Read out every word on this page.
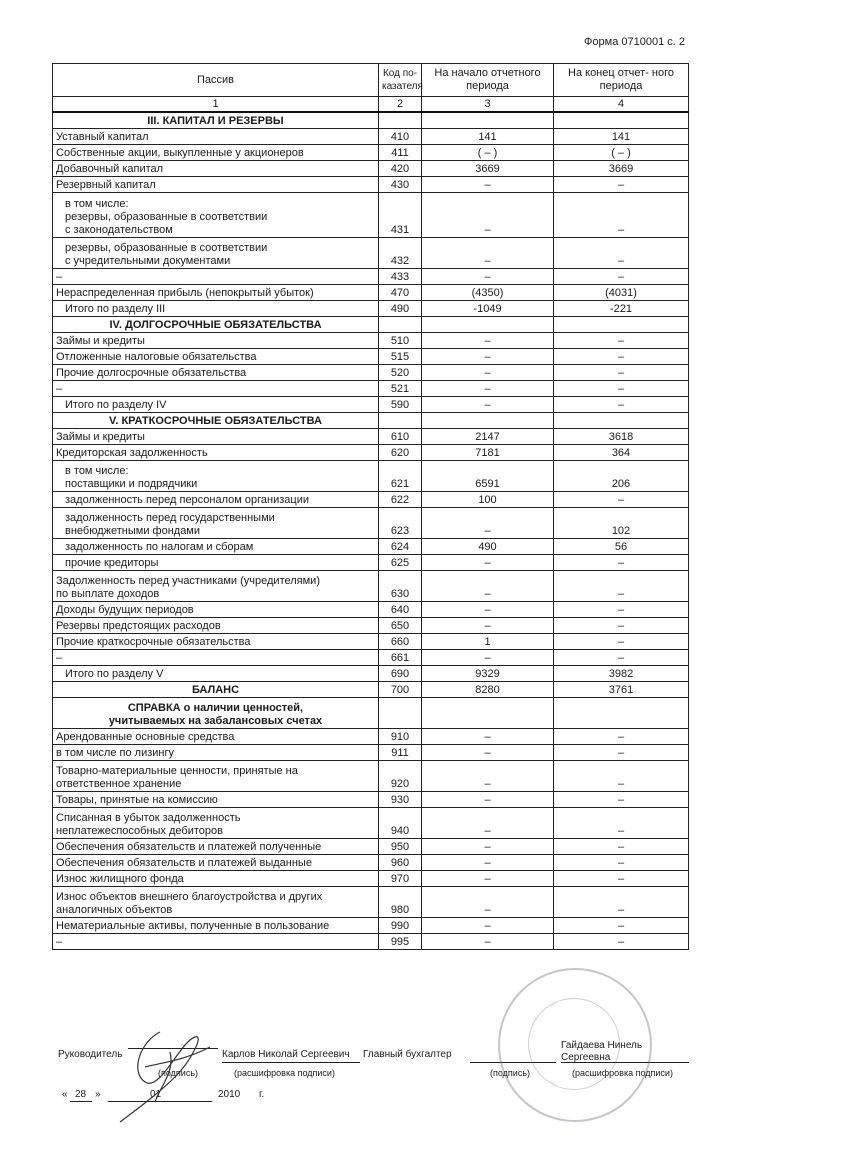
Форма 0710001 с. 2
Пассив	Код по- казателя	На начало отчетного периода	На конец отчет- ного периода
1	2	3	4
III. КАПИТАЛ И РЕЗЕРВЫ			
Уставный капитал	410	141	141
Собственные акции, выкупленные у акционеров	411	( – )	( – )
Добавочный капитал	420	3669	3669
Резервный капитал	430	–	–
в том числе:
резервы, образованные в соответствии
с законодательством	431	–	–
резервы, образованные в соответствии
с учредительными документами	432	–	–
–	433	–	–
Нераспределенная прибыль (непокрытый убыток)	470	(4350)	(4031)
Итого по разделу III	490	-1049	-221
IV. ДОЛГОСРОЧНЫЕ ОБЯЗАТЕЛЬСТВА			
Займы и кредиты	510	–	–
Отложенные налоговые обязательства	515	–	–
Прочие долгосрочные обязательства	520	–	–
–	521	–	–
Итого по разделу IV	590	–	–
V. КРАТКОСРОЧНЫЕ ОБЯЗАТЕЛЬСТВА			
Займы и кредиты	610	2147	3618
Кредиторская задолженность	620	7181	364
в том числе:
поставщики и подрядчики	621	6591	206
задолженность перед персоналом организации	622	100	–
задолженность перед государственными
внебюджетными фондами	623	–	102
задолженность по налогам и сборам	624	490	56
прочие кредиторы	625	–	–
Задолженность перед участниками (учредителями)
по выплате доходов	630	–	–
Доходы будущих периодов	640	–	–
Резервы предстоящих расходов	650	–	–
Прочие краткосрочные обязательства	660	1	–
–	661	–	–
Итого по разделу V	690	9329	3982
БАЛАНС	700	8280	3761
СПРАВКА о наличии ценностей,
учитываемых на забалансовых счетах			
Арендованные основные средства	910	–	–
в том числе по лизингу	911	–	–
Товарно-материальные ценности, принятые на
ответственное хранение	920	–	–
Товары, принятые на комиссию	930	–	–
Списанная в убыток задолженность
неплатежеспособных дебиторов	940	–	–
Обеспечения обязательств и платежей полученные	950	–	–
Обеспечения обязательств и платежей выданные	960	–	–
Износ жилищного фонда	970	–	–
Износ объектов внешнего благоустройства и других
аналогичных объектов	980	–	–
Нематериальные активы, полученные в пользование	990	–	–
–	995	–	–
Руководитель	Карлов Николай Сергеевич Главный бухгалтер
Гайдаева Нинель Сергеевна
(подпись)	(расшифровка подписи)	(подпись)	(расшифровка подписи)
« 28 »	01	2010 г.
